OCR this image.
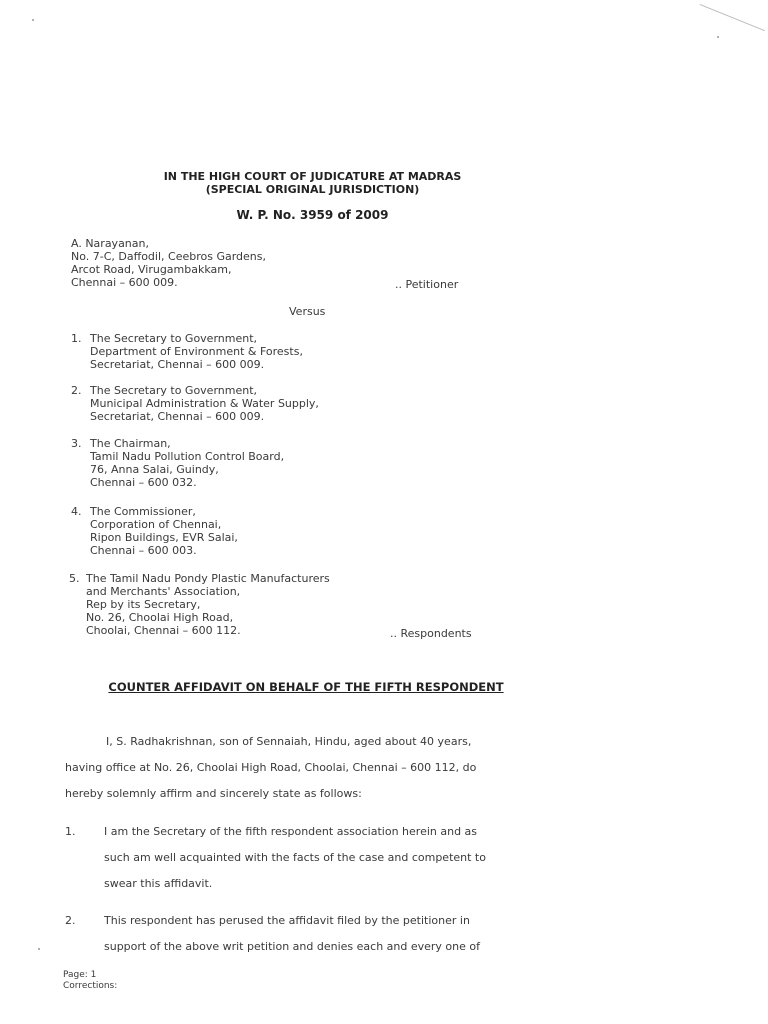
IN THE HIGH COURT OF JUDICATURE AT MADRAS
(SPECIAL ORIGINAL JURISDICTION)
W. P. No. 3959 of 2009
A. Narayanan,
No. 7-C, Daffodil, Ceebros Gardens,
Arcot Road, Virugambakkam,
Chennai – 600 009.	.. Petitioner
Versus
1. The Secretary to Government,
Department of Environment & Forests,
Secretariat, Chennai – 600 009.
2. The Secretary to Government,
Municipal Administration & Water Supply,
Secretariat, Chennai – 600 009.
3. The Chairman,
Tamil Nadu Pollution Control Board,
76, Anna Salai, Guindy,
Chennai – 600 032.
4. The Commissioner,
Corporation of Chennai,
Ripon Buildings, EVR Salai,
Chennai – 600 003.
5. The Tamil Nadu Pondy Plastic Manufacturers
and Merchants' Association,
Rep by its Secretary,
No. 26, Choolai High Road,
Choolai, Chennai – 600 112.	.. Respondents
COUNTER AFFIDAVIT ON BEHALF OF THE FIFTH RESPONDENT
I, S. Radhakrishnan, son of Sennaiah, Hindu, aged about 40 years,
having office at No. 26, Choolai High Road, Choolai, Chennai – 600 112, do
hereby solemnly affirm and sincerely state as follows:
1.	I am the Secretary of the fifth respondent association herein and as
such am well acquainted with the facts of the case and competent to
swear this affidavit.
2.	This respondent has perused the affidavit filed by the petitioner in
support of the above writ petition and denies each and every one of
Page: 1
Corrections:
